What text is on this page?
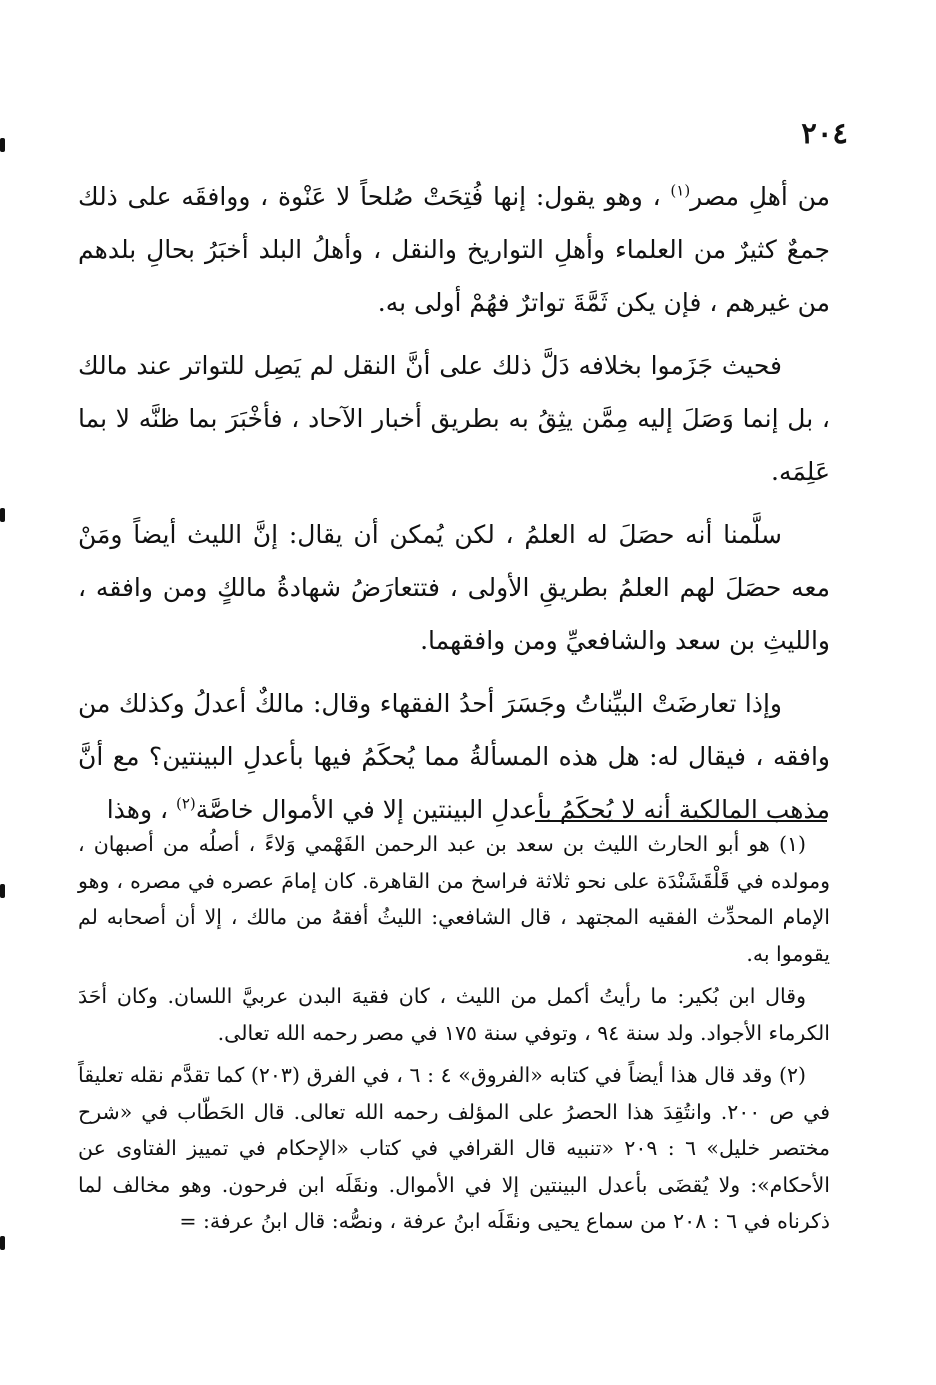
٢٠٤

من أهلِ مصر$^{(١)}$ ، وهو يقول: إنها فُتِحَتْ صُلحاً لا عَنْوة ، ووافقَه على ذلك جمعٌ كثيرٌ من العلماء وأهلِ التواريخ والنقل ، وأهلُ البلد أخبَرُ بحالِ بلدهم من غيرهم ، فإن يكن ثَمَّةَ تواترٌ فهُمْ أولى به.

فحيث جَزَموا بخلافه دَلَّ ذلك على أنَّ النقل لم يَصِل للتواتر عند مالك ، بل إنما وَصَلَ إليه مِمَّن يثِقُ به بطريق أخبار الآحاد ، فأخْبَرَ بما ظنَّه لا بما عَلِمَه.

سلَّمنا أنه حصَلَ له العلمُ ، لكن يُمكن أن يقال: إنَّ الليث أيضاً ومَنْ معه حصَلَ لهم العلمُ بطريقِ الأولى ، فتتعارَضُ شهادةُ مالكٍ ومن وافقه ، والليثِ بن سعد والشافعيِّ ومن وافقهما.

وإذا تعارضَتْ البيِّناتُ وجَسَرَ أحدُ الفقهاء وقال: مالكٌ أعدلُ وكذلك من وافقه ، فيقال له: هل هذه المسألةُ مما يُحكَمُ فيها بأعدلِ البينتين؟ مع أنَّ مذهب المالكية أنه لا يُحكَمُ بأعدلِ البينتين إلا في الأموال خاصَّة$^{(٢)}$ ، وهذا

(١) هو أبو الحارث الليث بن سعد بن عبد الرحمن الفَهْمي وَلاءً ، أصلُه من أصبهان ، ومولده في قَلْقَشَنْدَة على نحو ثلاثة فراسخ من القاهرة. كان إمامَ عصره في مصره ، وهو الإمام المحدِّث الفقيه المجتهد ، قال الشافعي: الليثُ أفقهُ من مالك ، إلا أن أصحابه لم يقوموا به.

وقال ابن بُكير: ما رأيتُ أكمل من الليث ، كان فقيهَ البدن عربيَّ اللسان. وكان أحَدَ الكرماء الأجواد. ولد سنة ٩٤ ، وتوفي سنة ١٧٥ في مصر رحمه الله تعالى.

(٢) وقد قال هذا أيضاً في كتابه «الفروق» ٤ : ٦ ، في الفرق (٢٠٣) كما تقدَّم نقله تعليقاً في ص ٢٠٠. وانتُقِدَ هذا الحصرُ على المؤلف رحمه الله تعالى. قال الحَطّاب في «شرح مختصر خليل» ٦ : ٢٠٩ «تنبيه قال القرافي في كتاب «الإحكام في تمييز الفتاوى عن الأحكام»: ولا يُقضَى بأعدل البينتين إلا في الأموال. ونقَلَه ابن فرحون. وهو مخالف لما ذكرناه في ٦ : ٢٠٨ من سماع يحيى ونقَلَه ابنُ عرفة ، ونصُّه: قال ابنُ عرفة: =
